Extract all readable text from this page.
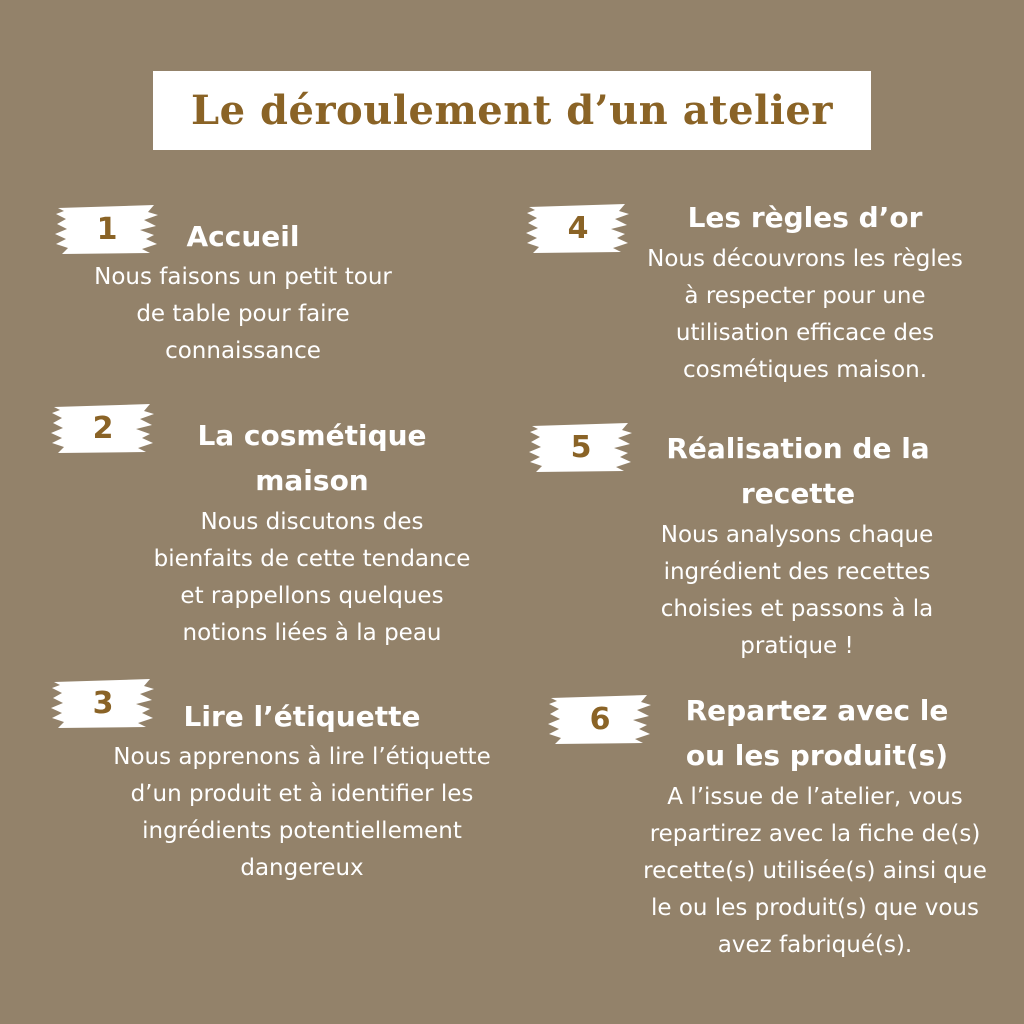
Le déroulement d’un atelier
1	Accueil
Nous faisons un petit tour
de table pour faire
connaissance
2	La cosmétique
maison
Nous discutons des
bienfaits de cette tendance
et rappellons quelques
notions liées à la peau
3	Lire l’étiquette
Nous apprenons à lire l’étiquette
d’un produit et à identifier les
ingrédients potentiellement
dangereux
4	Les règles d’or
Nous découvrons les règles
à respecter pour une
utilisation efficace des
cosmétiques maison.
5	Réalisation de la
recette
Nous analysons chaque
ingrédient des recettes
choisies et passons à la
pratique !
6	Repartez avec le
ou les produit(s)
A l’issue de l’atelier, vous
repartirez avec la fiche de(s)
recette(s) utilisée(s) ainsi que
le ou les produit(s) que vous
avez fabriqué(s).
